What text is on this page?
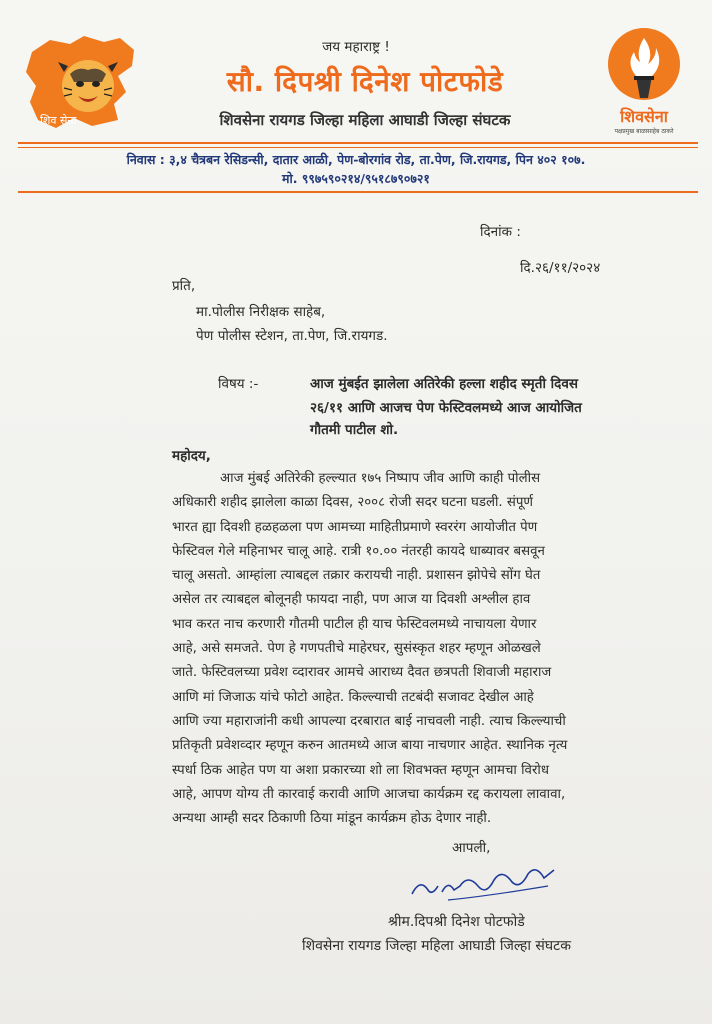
शिव सेना
जय महाराष्ट्र !
सौ. दिपश्री दिनेश पोटफोडे
शिवसेना रायगड जिल्हा महिला आघाडी जिल्हा संघटक	शिवसेना
पक्षप्रमुख बाळासाहेब ठाकरे
निवास : ३,४ चैत्रबन रेसिडन्सी, दातार आळी, पेण-बोरगांव रोड, ता.पेण, जि.रायगड, पिन ४०२ १०७.
मो. ९९७५९०२१४/९५१८७९०७२१
दिनांक :
दि.२६/११/२०२४
प्रति,
मा.पोलीस निरीक्षक साहेब,
पेण पोलीस स्टेशन, ता.पेण, जि.रायगड.
विषय :-	आज मुंबईत झालेला अतिरेकी हल्ला शहीद स्मृती दिवस
२६/११ आणि आजच पेण फेस्टिवलमध्ये आज आयोजित
गौतमी पाटील शो.
महोदय,
आज मुंबई अतिरेकी हल्ल्यात १७५ निष्पाप जीव आणि काही पोलीस
अधिकारी शहीद झालेला काळा दिवस, २००८ रोजी सदर घटना घडली. संपूर्ण
भारत ह्या दिवशी हळहळला पण आमच्या माहितीप्रमाणे स्वररंग आयोजीत पेण
फेस्टिवल गेले महिनाभर चालू आहे. रात्री १०.०० नंतरही कायदे धाब्यावर बसवून
चालू असतो. आम्हांला त्याबद्दल तक्रार करायची नाही. प्रशासन झोपेचे सोंग घेत
असेल तर त्याबद्दल बोलूनही फायदा नाही, पण आज या दिवशी अश्लील हाव
भाव करत नाच करणारी गौतमी पाटील ही याच फेस्टिवलमध्ये नाचायला येणार
आहे, असे समजते. पेण हे गणपतीचे माहेरघर, सुसंस्कृत शहर म्हणून ओळखले
जाते. फेस्टिवलच्या प्रवेश व्दारावर आमचे आराध्य दैवत छत्रपती शिवाजी महाराज
आणि मां जिजाऊ यांचे फोटो आहेत. किल्ल्याची तटबंदी सजावट देखील आहे
आणि ज्या महाराजांनी कधी आपल्या दरबारात बाई नाचवली नाही. त्याच किल्ल्याची
प्रतिकृती प्रवेशव्दार म्हणून करुन आतमध्ये आज बाया नाचणार आहेत. स्थानिक नृत्य
स्पर्धा ठिक आहेत पण या अशा प्रकारच्या शो ला शिवभक्त म्हणून आमचा विरोध
आहे, आपण योग्य ती कारवाई करावी आणि आजचा कार्यक्रम रद्द करायला लावावा,
अन्यथा आम्ही सदर ठिकाणी ठिया मांडून कार्यक्रम होऊ देणार नाही.
आपली,
श्रीम.दिपश्री दिनेश पोटफोडे
शिवसेना रायगड जिल्हा महिला आघाडी जिल्हा संघटक
